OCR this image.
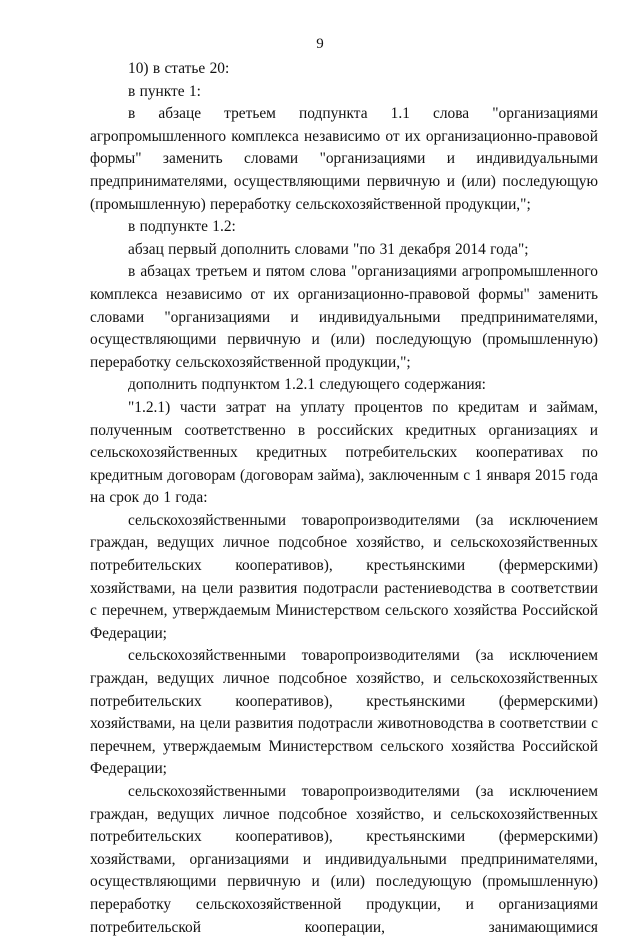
9

10) в статье 20:

в пункте 1:

в абзаце третьем подпункта 1.1 слова "организациями агропромышленного комплекса независимо от их организационно-правовой формы" заменить словами "организациями и индивидуальными предпринимателями, осуществляющими первичную и (или) последующую (промышленную) переработку сельскохозяйственной продукции,";

в подпункте 1.2:

абзац первый дополнить словами "по 31 декабря 2014 года";

в абзацах третьем и пятом слова "организациями агропромышленного комплекса независимо от их организационно-правовой формы" заменить словами "организациями и индивидуальными предпринимателями, осуществляющими первичную и (или) последующую (промышленную) переработку сельскохозяйственной продукции,";

дополнить подпунктом 1.2.1 следующего содержания:

"1.2.1) части затрат на уплату процентов по кредитам и займам, полученным соответственно в российских кредитных организациях и сельскохозяйственных кредитных потребительских кооперативах по кредитным договорам (договорам займа), заключенным с 1 января 2015 года на срок до 1 года:

сельскохозяйственными товаропроизводителями (за исключением граждан, ведущих личное подсобное хозяйство, и сельскохозяйственных потребительских кооперативов), крестьянскими (фермерскими) хозяйствами, на цели развития подотрасли растениеводства в соответствии с перечнем, утверждаемым Министерством сельского хозяйства Российской Федерации;

сельскохозяйственными товаропроизводителями (за исключением граждан, ведущих личное подсобное хозяйство, и сельскохозяйственных потребительских кооперативов), крестьянскими (фермерскими) хозяйствами, на цели развития подотрасли животноводства в соответствии с перечнем, утверждаемым Министерством сельского хозяйства Российской Федерации;

сельскохозяйственными товаропроизводителями (за исключением граждан, ведущих личное подсобное хозяйство, и сельскохозяйственных потребительских кооперативов), крестьянскими (фермерскими) хозяйствами, организациями и индивидуальными предпринимателями, осуществляющими первичную и (или) последующую (промышленную) переработку сельскохозяйственной продукции, и организациями потребительской кооперации, занимающимися
